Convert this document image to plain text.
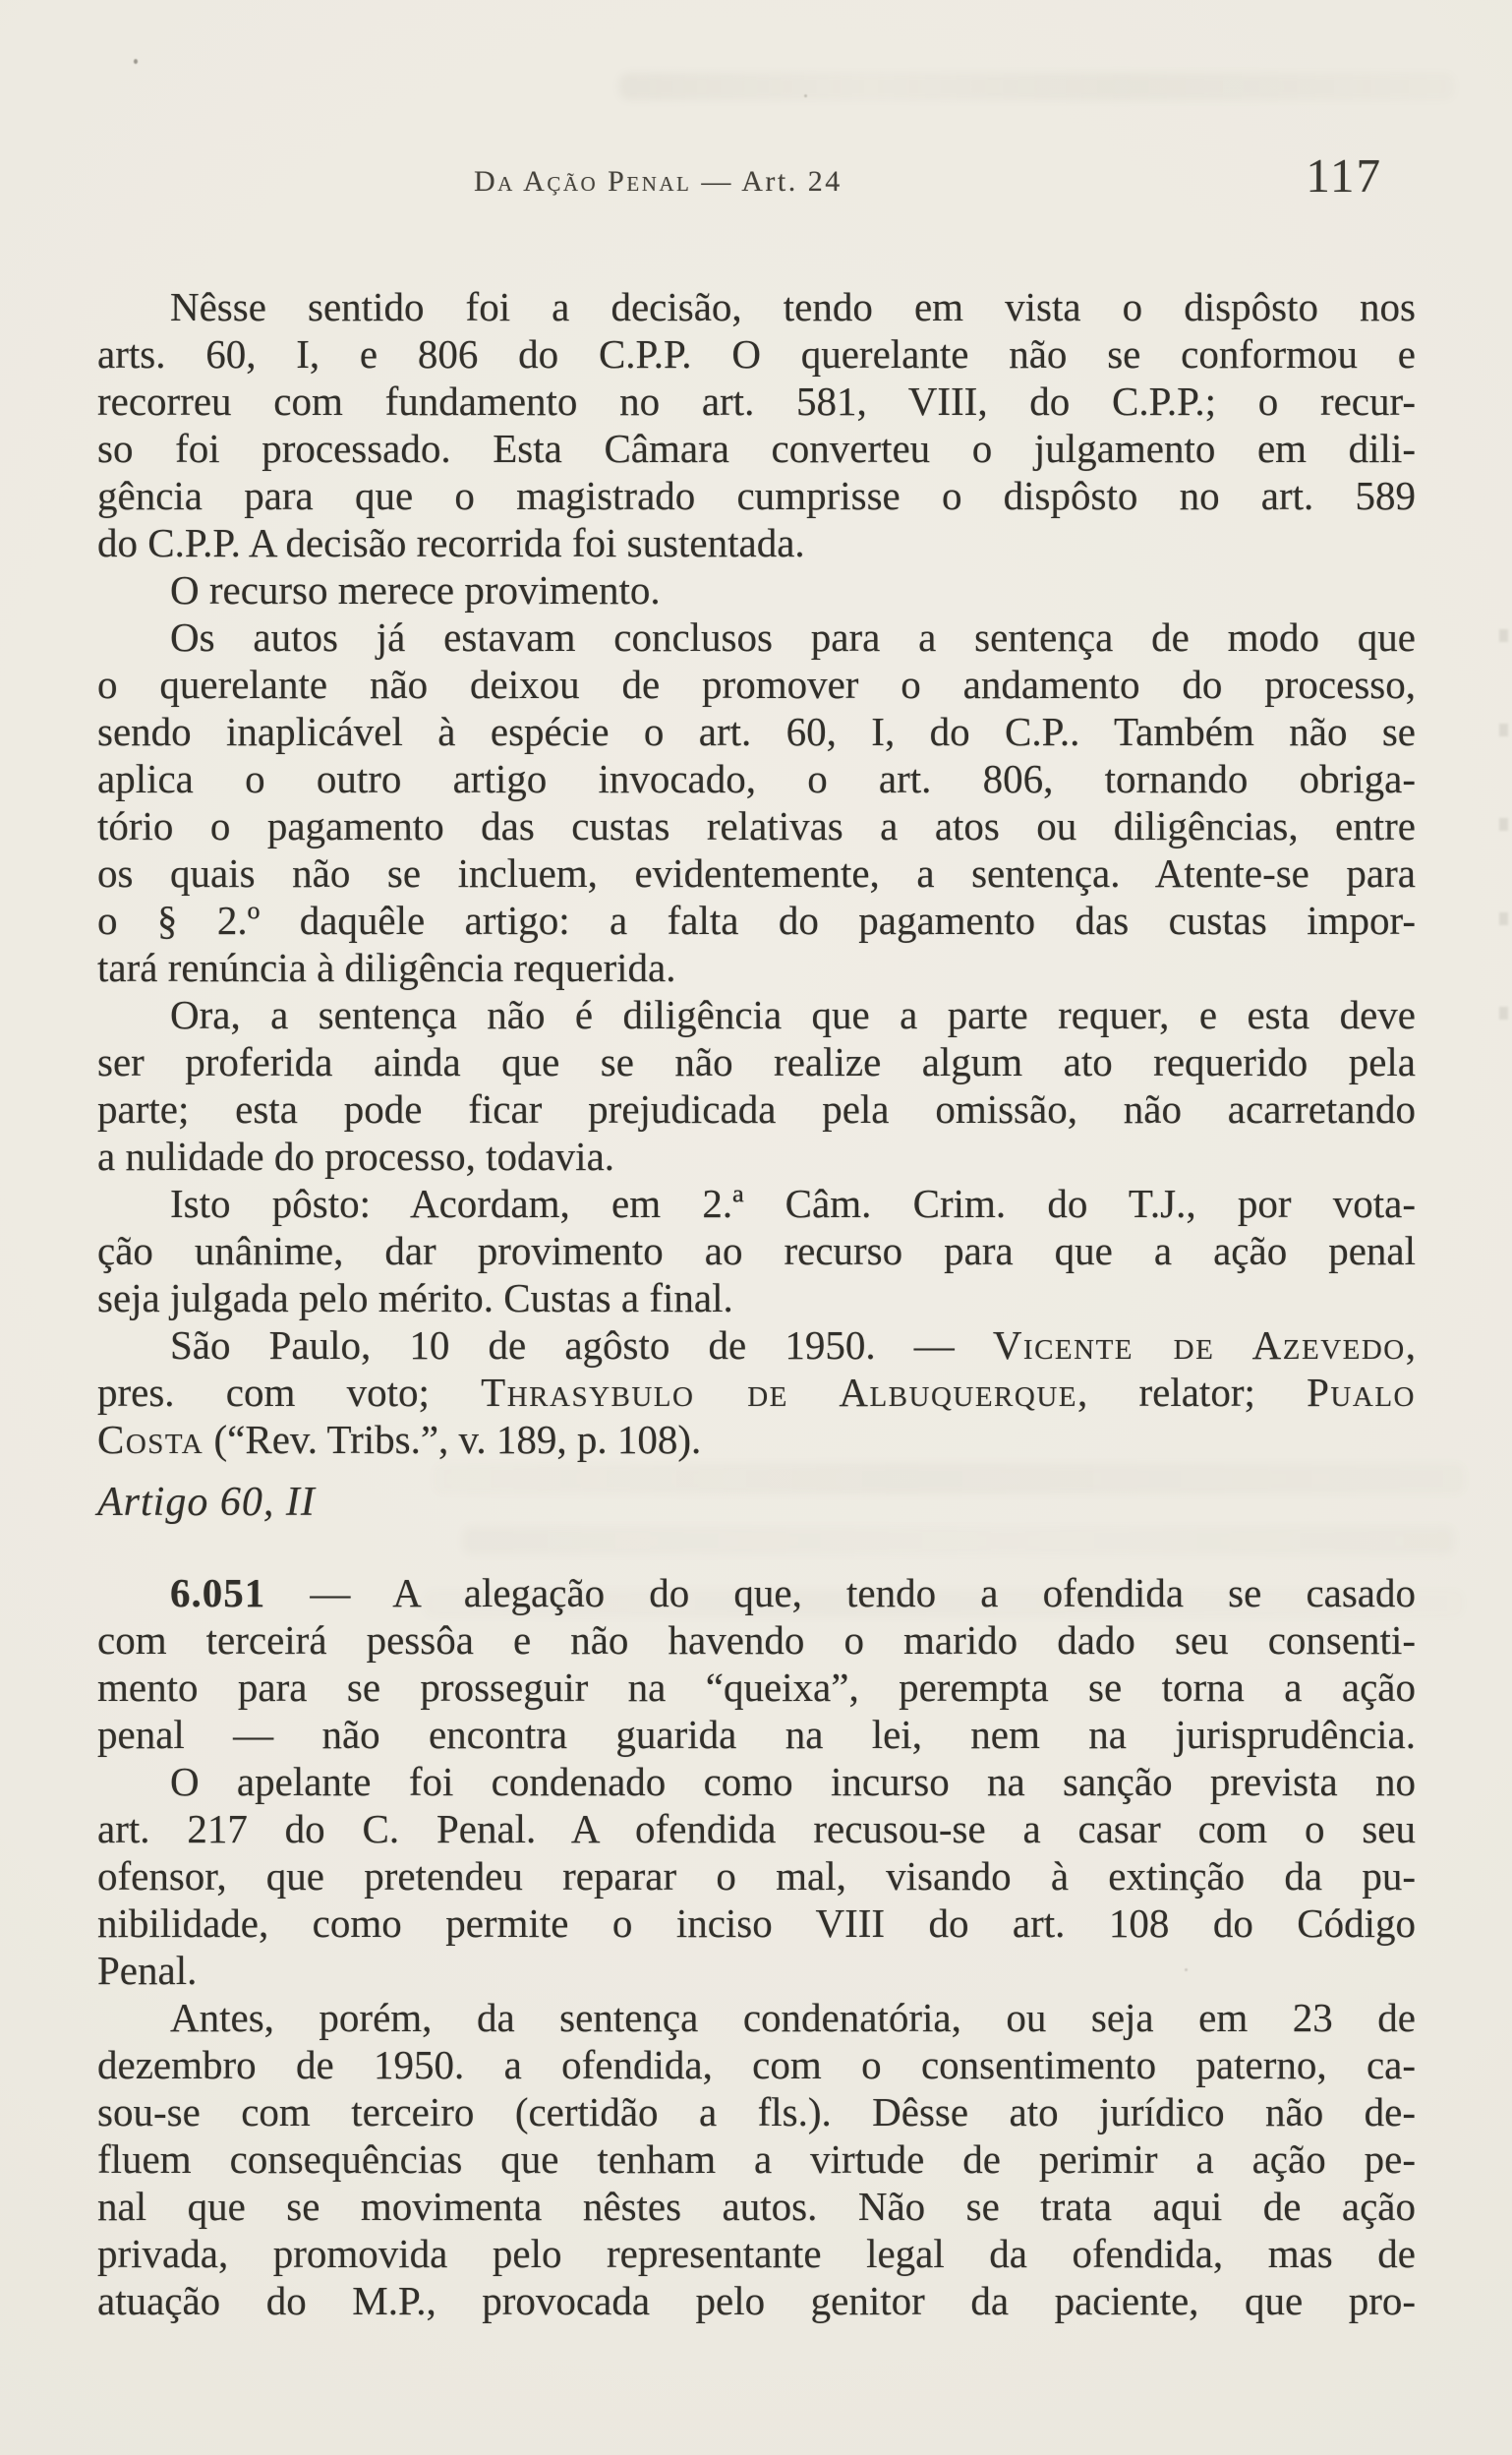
Da Ação Penal — Art. 24	117
Nêsse sentido foi a decisão, tendo em vista o dispôsto nos
arts. 60, I, e 806 do C.P.P. O querelante não se conformou e
recorreu com fundamento no art. 581, VIII, do C.P.P.; o recur-
so foi processado. Esta Câmara converteu o julgamento em dili-
gência para que o magistrado cumprisse o dispôsto no art. 589
do C.P.P. A decisão recorrida foi sustentada.
O recurso merece provimento.
Os autos já estavam conclusos para a sentença de modo que
o querelante não deixou de promover o andamento do processo,
sendo inaplicável à espécie o art. 60, I, do C.P.. Também não se
aplica o outro artigo invocado, o art. 806, tornando obriga-
tório o pagamento das custas relativas a atos ou diligências, entre
os quais não se incluem, evidentemente, a sentença. Atente-se para
o § 2.º daquêle artigo: a falta do pagamento das custas impor-
tará renúncia à diligência requerida.
Ora, a sentença não é diligência que a parte requer, e esta deve
ser proferida ainda que se não realize algum ato requerido pela
parte; esta pode ficar prejudicada pela omissão, não acarretando
a nulidade do processo, todavia.
Isto pôsto: Acordam, em 2.ª Câm. Crim. do T.J., por vota-
ção unânime, dar provimento ao recurso para que a ação penal
seja julgada pelo mérito. Custas a final.
São Paulo, 10 de agôsto de 1950. — Vicente de Azevedo,
pres. com voto; Thrasybulo de Albuquerque, relator; Pualo
Costa (“Rev. Tribs.”, v. 189, p. 108).
Artigo 60, II
6.051 — A alegação do que, tendo a ofendida se casado
com terceirá pessôa e não havendo o marido dado seu consenti-
mento para se prosseguir na “queixa”, perempta se torna a ação
penal — não encontra guarida na lei, nem na jurisprudência.
O apelante foi condenado como incurso na sanção prevista no
art. 217 do C. Penal. A ofendida recusou-se a casar com o seu
ofensor, que pretendeu reparar o mal, visando à extinção da pu-
nibilidade, como permite o inciso VIII do art. 108 do Código
Penal.
Antes, porém, da sentença condenatória, ou seja em 23 de
dezembro de 1950. a ofendida, com o consentimento paterno, ca-
sou-se com terceiro (certidão a fls.). Dêsse ato jurídico não de-
fluem consequências que tenham a virtude de perimir a ação pe-
nal que se movimenta nêstes autos. Não se trata aqui de ação
privada, promovida pelo representante legal da ofendida, mas de
atuação do M.P., provocada pelo genitor da paciente, que pro-
